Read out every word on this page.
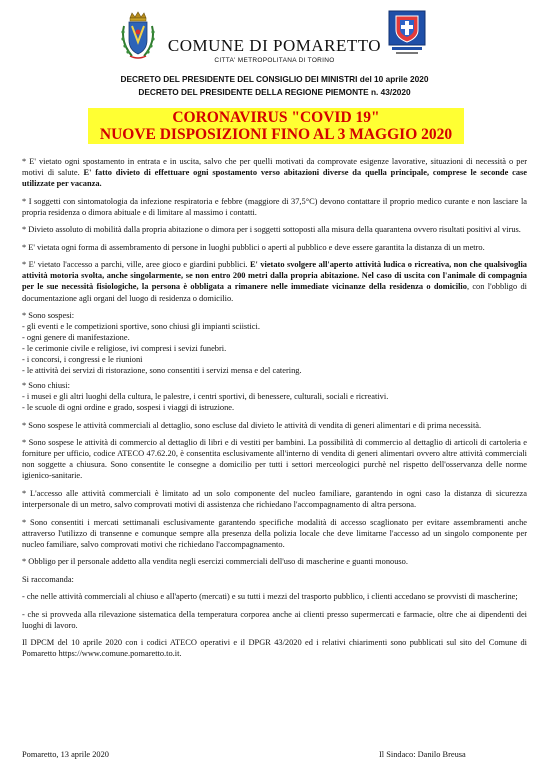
COMUNE DI POMARETTO
CITTA' METROPOLITANA DI TORINO
DECRETO DEL PRESIDENTE DEL CONSIGLIO DEI MINISTRI del 10 aprile 2020
DECRETO DEL PRESIDENTE DELLA REGIONE PIEMONTE n. 43/2020
CORONAVIRUS "COVID 19"
NUOVE DISPOSIZIONI FINO AL 3 MAGGIO 2020

* E' vietato ogni spostamento in entrata e in uscita, salvo che per quelli motivati da comprovate esigenze lavorative, situazioni di necessità o per motivi di salute. E' fatto divieto di effettuare ogni spostamento verso abitazioni diverse da quella principale, comprese le seconde case utilizzate per vacanza.

* I soggetti con sintomatologia da infezione respiratoria e febbre (maggiore di 37,5°C) devono contattare il proprio medico curante e non lasciare la propria residenza o dimora abituale e di limitare al massimo i contatti.

* Divieto assoluto di mobilità dalla propria abitazione o dimora per i soggetti sottoposti alla misura della quarantena ovvero risultati positivi al virus.

* E' vietata ogni forma di assembramento di persone in luoghi pubblici o aperti al pubblico e deve essere garantita la distanza di un metro.

* E' vietato l'accesso a parchi, ville, aree gioco e giardini pubblici. E' vietato svolgere all'aperto attività ludica o ricreativa, non che qualsivoglia attività motoria svolta, anche singolarmente, se non entro 200 metri dalla propria abitazione. Nel caso di uscita con l'animale di compagnia per le sue necessità fisiologiche, la persona è obbligata a rimanere nelle immediate vicinanze della residenza o domicilio, con l'obbligo di documentazione agli organi del luogo di residenza o domicilio.

* Sono sospesi:
- gli eventi e le competizioni sportive, sono chiusi gli impianti sciistici.
- ogni genere di manifestazione.
- le cerimonie civile e religiose, ivi compresi i sevizi funebri.
- i concorsi, i congressi e le riunioni
- le attività dei servizi di ristorazione, sono consentiti i servizi mensa e del catering.

* Sono chiusi:
- i musei e gli altri luoghi della cultura, le palestre, i centri sportivi, di benessere, culturali, sociali e ricreativi.
- le scuole di ogni ordine e grado, sospesi i viaggi di istruzione.

* Sono sospese le attività commerciali al dettaglio, sono escluse dal divieto le attività di vendita di generi alimentari e di prima necessità.

* Sono sospese le attività di commercio al dettaglio di libri e di vestiti per bambini. La possibilità di commercio al dettaglio di articoli di cartoleria e forniture per ufficio, codice ATECO 47.62.20, è consentita esclusivamente all'interno di vendita di generi alimentari ovvero altre attività commerciali non soggette a chiusura. Sono consentite le consegne a domicilio per tutti i settori merceologici purchè nel rispetto dell'osservanza delle norme igienico-sanitarie.

* L'accesso alle attività commerciali è limitato ad un solo componente del nucleo familiare, garantendo in ogni caso la distanza di sicurezza interpersonale di un metro, salvo comprovati motivi di assistenza che richiedano l'accompagnamento di altra persona.

* Sono consentiti i mercati settimanali esclusivamente garantendo specifiche modalità di accesso scaglionato per evitare assembramenti anche attraverso l'utilizzo di transenne e comunque sempre alla presenza della polizia locale che deve limitarne l'accesso ad un singolo componente per nucleo familiare, salvo comprovati motivi che richiedano l'accompagnamento.

* Obbligo per il personale addetto alla vendita negli esercizi commerciali dell'uso di mascherine e guanti monouso.

Si raccomanda:

- che nelle attività commerciali al chiuso e all'aperto (mercati) e su tutti i mezzi del trasporto pubblico, i clienti accedano se provvisti di mascherine;

- che si provveda alla rilevazione sistematica della temperatura corporea anche ai clienti presso supermercati e farmacie, oltre che ai dipendenti dei luoghi di lavoro.

Il DPCM del 10 aprile 2020 con i codici ATECO operativi e il DPGR 43/2020 ed i relativi chiarimenti sono pubblicati sul sito del Comune di Pomaretto https://www.comune.pomaretto.to.it.

Pomaretto, 13 aprile 2020	Il Sindaco: Danilo Breusa
